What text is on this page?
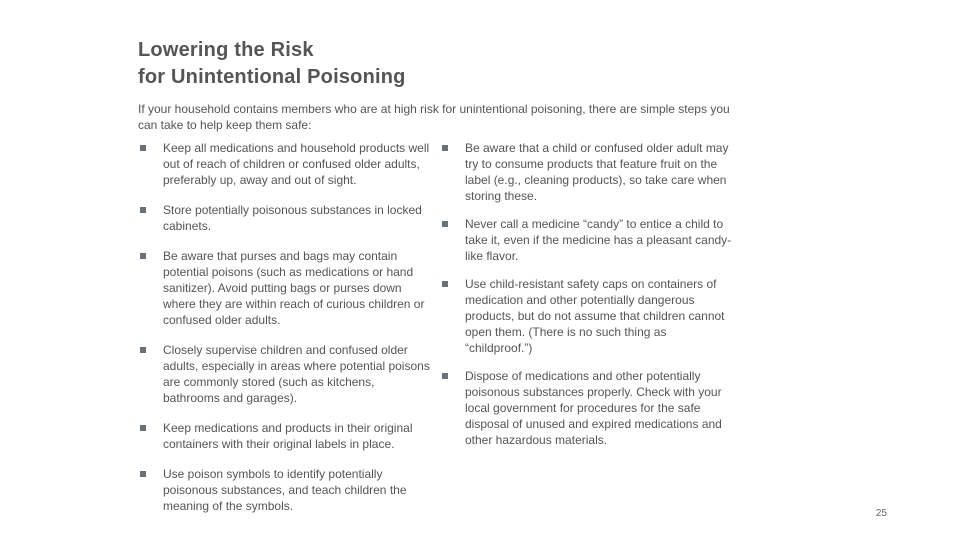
Lowering the Risk
for Unintentional Poisoning

If your household contains members who are at high risk for unintentional poisoning, there are simple steps you can take to help keep them safe:

Keep all medications and household products well out of reach of children or confused older adults, preferably up, away and out of sight.
Store potentially poisonous substances in locked cabinets.
Be aware that purses and bags may contain potential poisons (such as medications or hand sanitizer). Avoid putting bags or purses down where they are within reach of curious children or confused older adults.
Closely supervise children and confused older adults, especially in areas where potential poisons are commonly stored (such as kitchens, bathrooms and garages).
Keep medications and products in their original containers with their original labels in place.
Use poison symbols to identify potentially poisonous substances, and teach children the meaning of the symbols.
Be aware that a child or confused older adult may try to consume products that feature fruit on the label (e.g., cleaning products), so take care when storing these.
Never call a medicine “candy” to entice a child to take it, even if the medicine has a pleasant candy-like flavor.
Use child-resistant safety caps on containers of medication and other potentially dangerous products, but do not assume that children cannot open them. (There is no such thing as “childproof.”)
Dispose of medications and other potentially poisonous substances properly. Check with your local government for procedures for the safe disposal of unused and expired medications and other hazardous materials.
25
